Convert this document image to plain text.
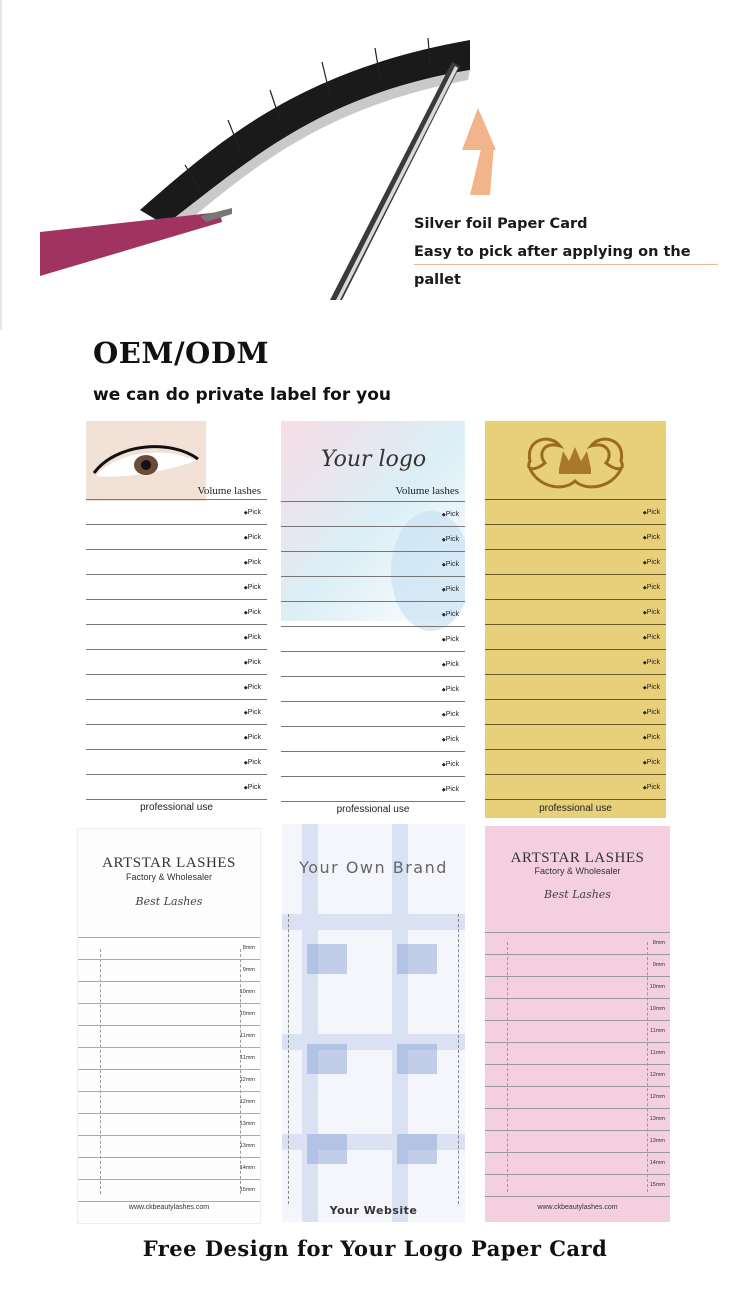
Silver foil Paper Card
Easy to pick after applying on the pallet
OEM/ODM
we can do private label for you
Volume lashes
◆ Pick
◆ Pick
◆ Pick
◆ Pick
◆ Pick
◆ Pick
◆ Pick
◆ Pick
◆ Pick
◆ Pick
◆ Pick
◆ Pick
professional use
Your logo
Volume lashes
◆ Pick
◆ Pick
◆ Pick
◆ Pick
◆ Pick
◆ Pick
◆ Pick
◆ Pick
◆ Pick
◆ Pick
◆ Pick
◆ Pick
professional use
◆ Pick
◆ Pick
◆ Pick
◆ Pick
◆ Pick
◆ Pick
◆ Pick
◆ Pick
◆ Pick
◆ Pick
◆ Pick
◆ Pick
professional use
ARTSTAR LASHES
Factory & Wholesaler
Best Lashes
8mm
9mm
10mm
10mm
11mm
11mm
12mm
12mm
13mm
13mm
14mm
15mm
www.ckbeautylashes.com
Your Own Brand
Your Website
ARTSTAR LASHES
Factory & Wholesaler
Best Lashes
8mm
9mm
10mm
10mm
11mm
11mm
12mm
12mm
13mm
13mm
14mm
15mm
www.ckbeautylashes.com
Free Design for Your Logo Paper Card
